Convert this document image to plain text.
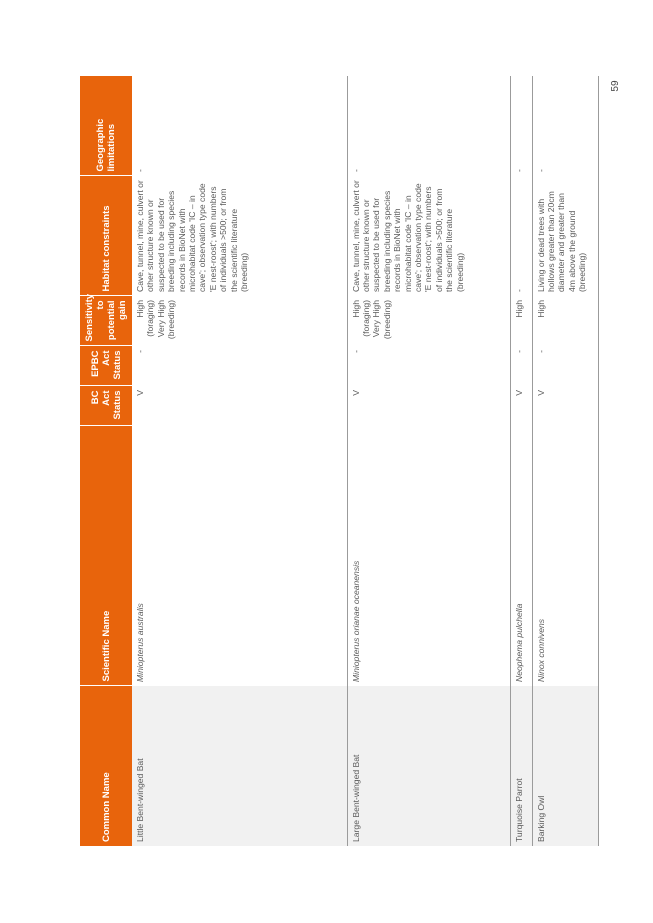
Common Name	Scientific Name	BC Act Status	EPBC Act Status	Sensitivity to potential gain	Habitat constraints	Geographic limitations
Little Bent-winged Bat	Miniopterus australis	V	-	High (foraging) Very High (breeding)	Cave, tunnel, mine, culvert or other structure known or suspected to be used for breeding including species records in BioNet with microhabitat code 'IC – in cave'; observation type code 'E nest-roost'; with numbers of individuals >500; or from the scientific literature (breeding)	-
Large Bent-winged Bat	Miniopterus orianae oceanensis	V	-	High (foraging) Very High (breeding)	Cave, tunnel, mine, culvert or other structure known or suspected to be used for breeding including species records in BioNet with microhabitat code 'IC – in cave'; observation type code 'E nest-roost'; with numbers of individuals >500; or from the scientific literature (breeding)	-
Turquoise Parrot	Neophema pulchella	V	-	High	-	-
Barking Owl	Ninox connivens	V	-	High	Living or dead trees with hollows greater than 20cm diameter and greater than 4m above the ground (breeding)	-
59
